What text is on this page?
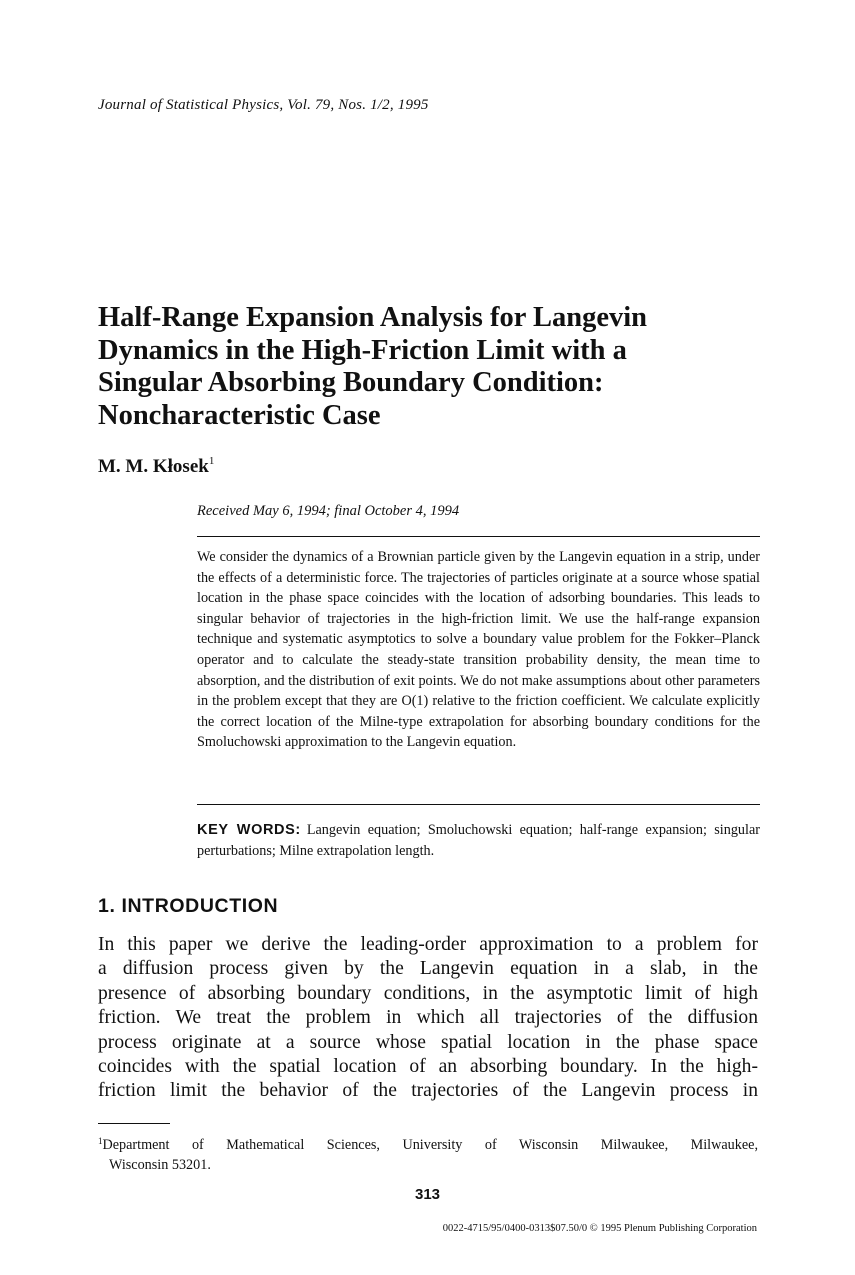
Journal of Statistical Physics, Vol. 79, Nos. 1/2, 1995
Half-Range Expansion Analysis for Langevin
Dynamics in the High-Friction Limit with a
Singular Absorbing Boundary Condition:
Noncharacteristic Case
M. M. Kłosek$^1$
Received May 6, 1994; final October 4, 1994
We consider the dynamics of a Brownian particle given by the Langevin equation in a strip, under the effects of a deterministic force. The trajectories of particles originate at a source whose spatial location in the phase space coincides with the location of adsorbing boundaries. This leads to singular behavior of trajectories in the high-friction limit. We use the half-range expansion technique and systematic asymptotics to solve a boundary value problem for the Fokker–Planck operator and to calculate the steady-state transition probability density, the mean time to absorption, and the distribution of exit points. We do not make assumptions about other parameters in the problem except that they are O(1) relative to the friction coefficient. We calculate explicitly the correct location of the Milne-type extrapolation for absorbing boundary conditions for the Smoluchowski approximation to the Langevin equation.
KEY WORDS: Langevin equation; Smoluchowski equation; half-range expansion; singular perturbations; Milne extrapolation length.
1. INTRODUCTION
In this paper we derive the leading-order approximation to a problem for
a diffusion process given by the Langevin equation in a slab, in the
presence of absorbing boundary conditions, in the asymptotic limit of high
friction. We treat the problem in which all trajectories of the diffusion
process originate at a source whose spatial location in the phase space
coincides with the spatial location of an absorbing boundary. In the high-
friction limit the behavior of the trajectories of the Langevin process in
$^1$Department of Mathematical Sciences, University of Wisconsin Milwaukee, Milwaukee,
Wisconsin 53201.
313
0022-4715/95/0400-0313$07.50/0 © 1995 Plenum Publishing Corporation
